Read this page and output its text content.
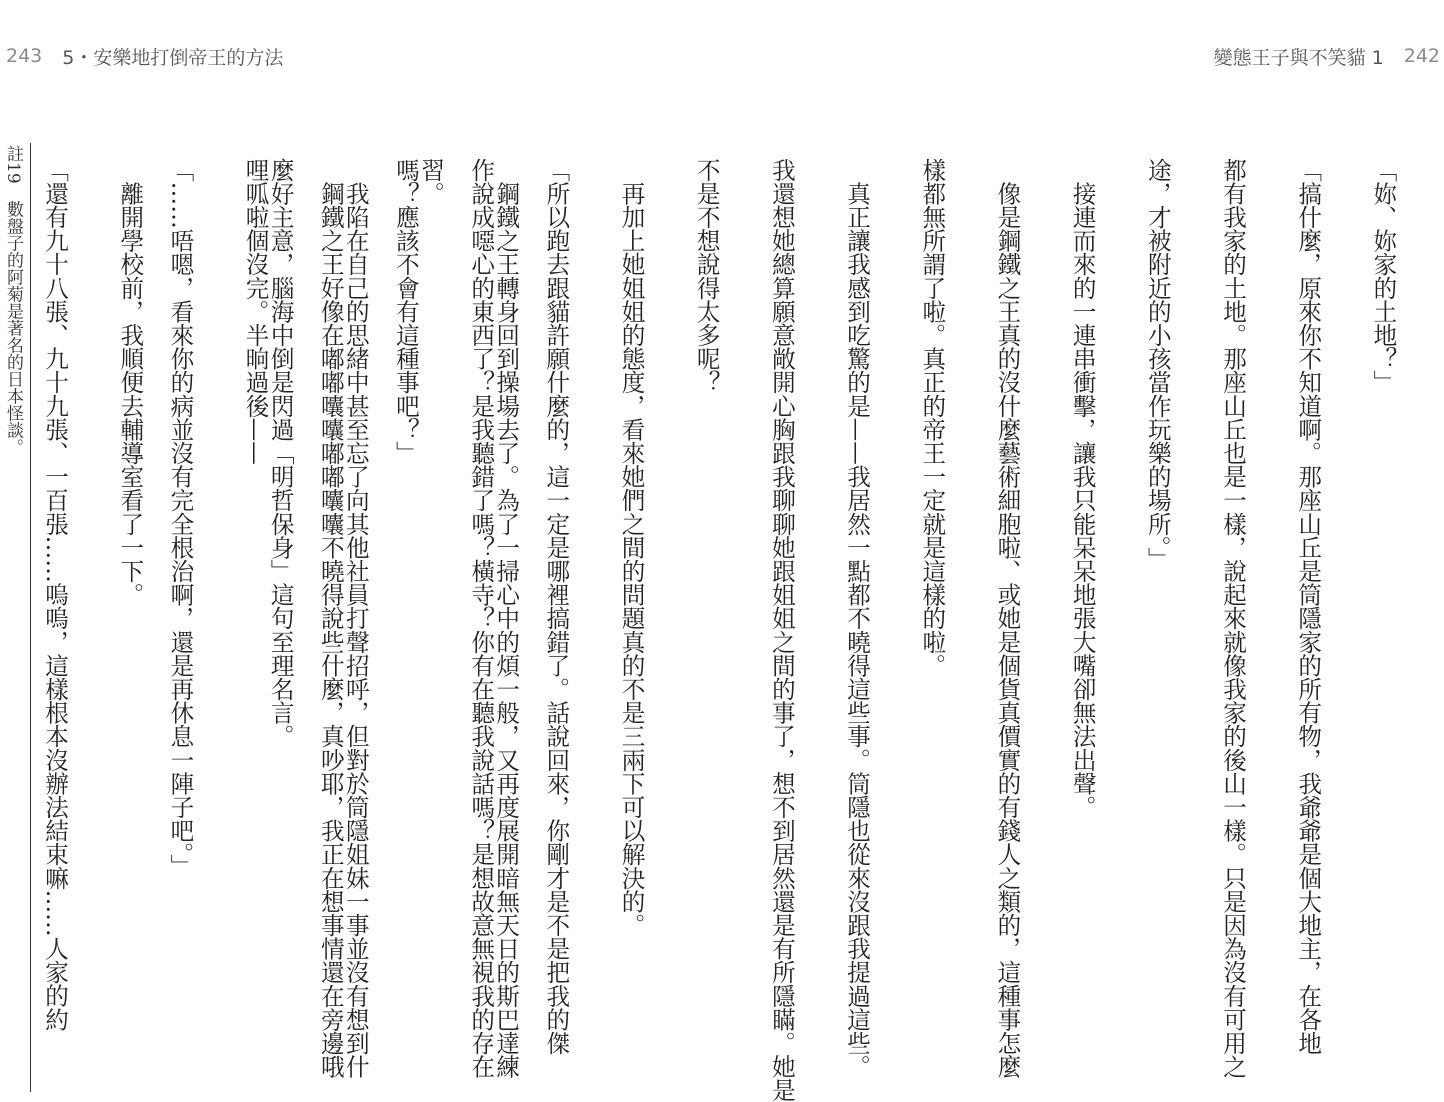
243 5・安樂地打倒帝王的方法	變態王子與不笑貓 1 242

「妳、妳家的土地？」

「搞什麼，原來你不知道啊。那座山丘是筒隱家的所有物，我爺爺是個大地主，在各地

都有我家的土地。那座山丘也是一樣，說起來就像我家的後山一樣。只是因為沒有可用之

途，才被附近的小孩當作玩樂的場所。」

　接連而來的一連串衝擊，讓我只能呆呆地張大嘴卻無法出聲。

　像是鋼鐵之王真的沒什麼藝術細胞啦、或她是個貨真價實的有錢人之類的，這種事怎麼

樣都無所謂了啦。真正的帝王一定就是這樣的啦。

　真正讓我感到吃驚的是——我居然一點都不曉得這些事。筒隱也從來沒跟我提過這些。

我還想她總算願意敞開心胸跟我聊聊她跟姐姐之間的事了，想不到居然還是有所隱瞞。她是

不是不想說得太多呢？

　再加上她姐姐的態度，看來她們之間的問題真的不是三兩下可以解決的。

「所以跑去跟貓許願什麼的，這一定是哪裡搞錯了。話說回來，你剛才是不是把我的傑

作說成噁心的東西了？是我聽錯了嗎？橫寺？你有在聽我說話嗎？是想故意無視我的存在

嗎？應該不會有這種事吧？」

　鋼鐵之王好像在嘟嘟囔囔嘟嘟囔囔不曉得說些什麼，真吵耶，我正在想事情還在旁邊哦

哩呱啦個沒完。半晌過後——

「……唔嗯，看來你的病並沒有完全根治啊，還是再休息一陣子吧。」

	　鋼鐵之王轉身回到操場去了。為了一掃心中的煩一般，又再度展開暗無天日的斯巴達練

習。

　我陷在自己的思緒中甚至忘了向其他社員打聲招呼，但對於筒隱姐妹一事並沒有想到什

麼好主意，腦海中倒是閃過「明哲保身」這句至理名言。

　離開學校前，我順便去輔導室看了一下。

「還有九十八張、九十九張、一百張……嗚嗚，這樣根本沒辦法結束嘛……人家的約

註19　數盤子的阿菊是著名的日本怪談。
